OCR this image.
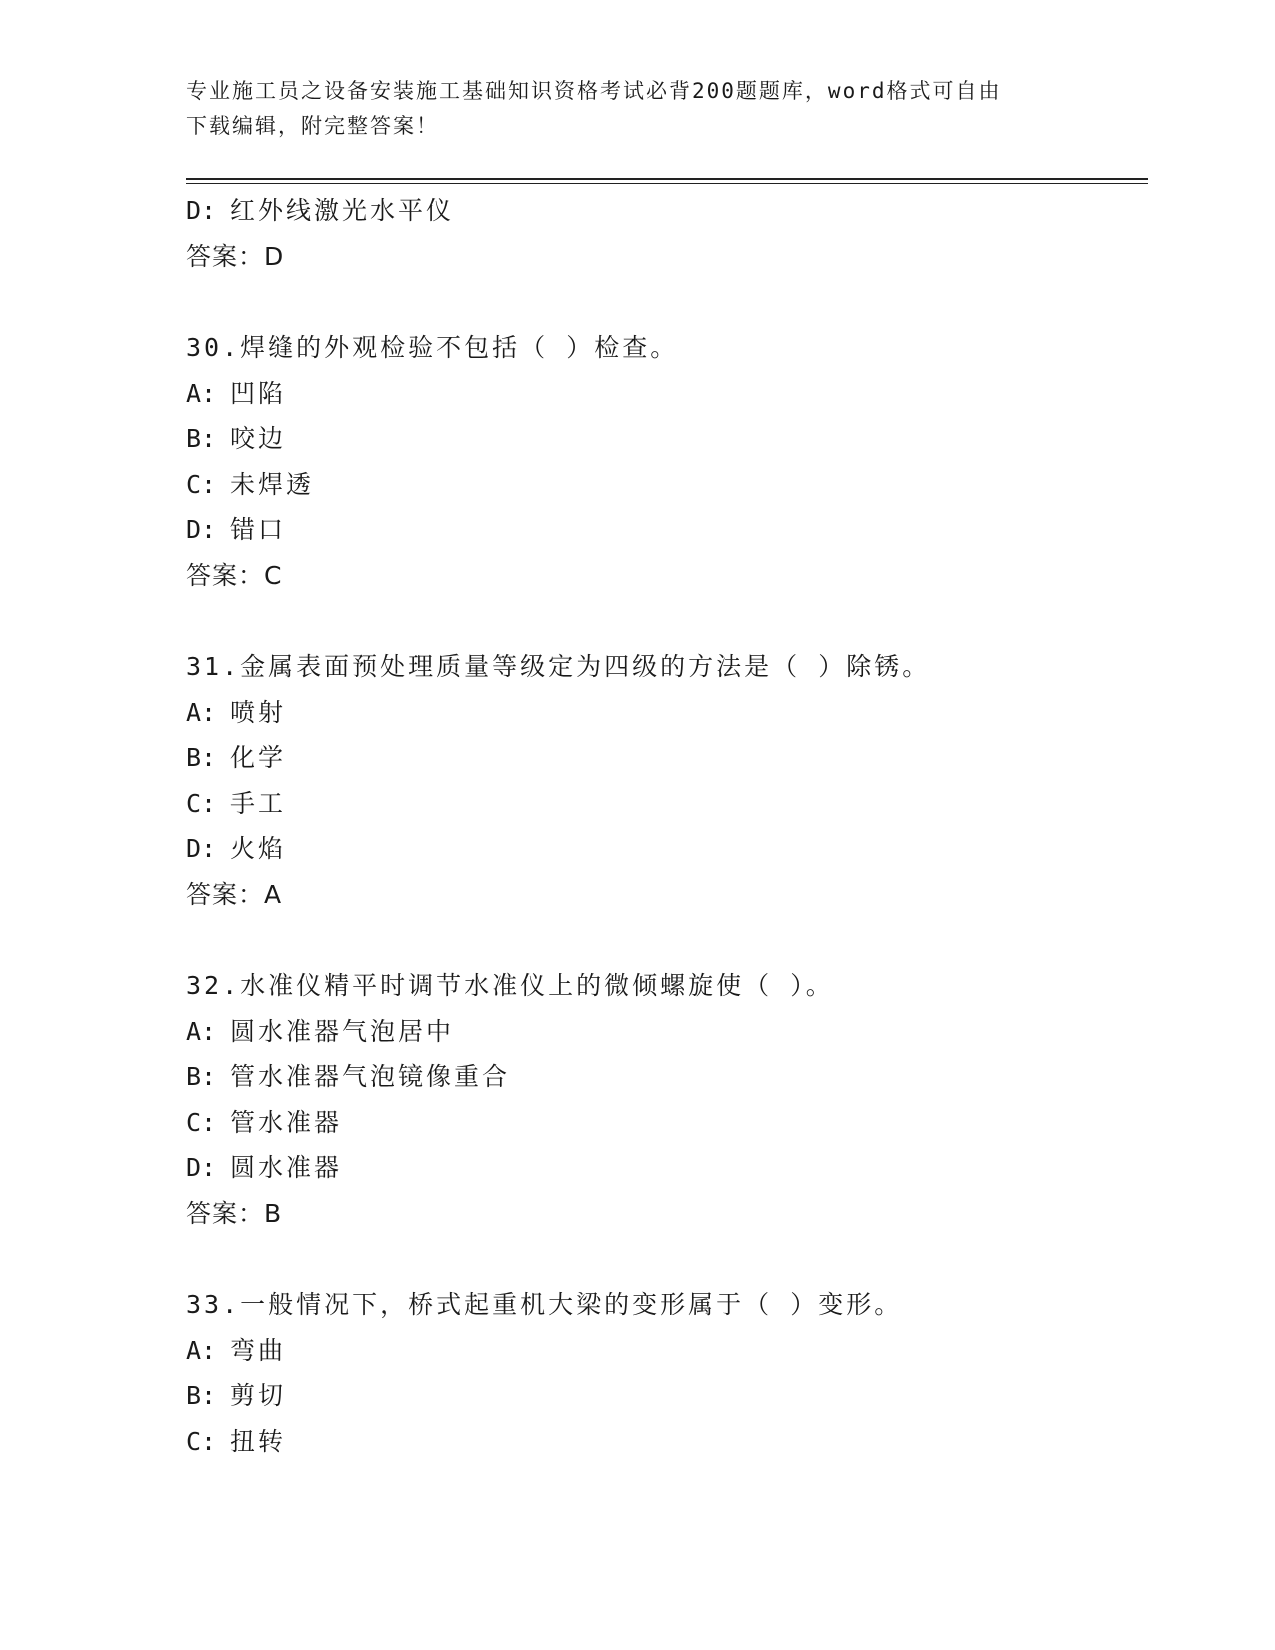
专业施工员之设备安装施工基础知识资格考试必背200题题库，word格式可自由
下载编辑，附完整答案！
D: 红外线激光水平仪
答案：D
30.焊缝的外观检验不包括（ ）检查。
A: 凹陷
B: 咬边
C: 未焊透
D: 错口
答案：C
31.金属表面预处理质量等级定为四级的方法是（ ）除锈。
A: 喷射
B: 化学
C: 手工
D: 火焰
答案：A
32.水准仪精平时调节水准仪上的微倾螺旋使（ ）。
A: 圆水准器气泡居中
B: 管水准器气泡镜像重合
C: 管水准器
D: 圆水准器
答案：B
33.一般情况下，桥式起重机大梁的变形属于（ ）变形。
A: 弯曲
B: 剪切
C: 扭转
